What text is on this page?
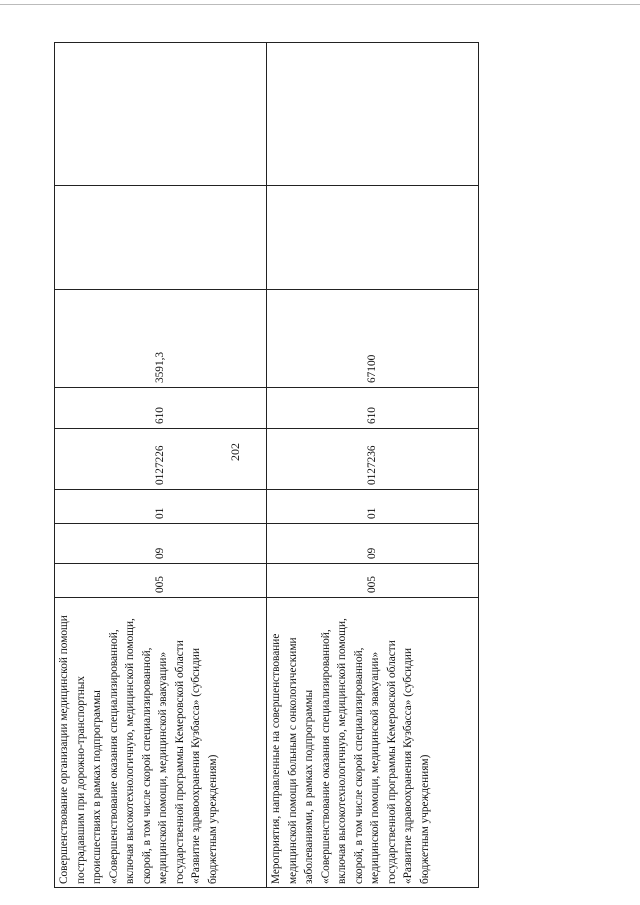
202
Совершенствование организации медицинской помощи пострадавшим при дорожно-транспортных происшествиях в рамках подпрограммы «Совершенствование оказания специализированной, включая высокотехнологичную, медицинской помощи, скорой, в том числе скорой специализированной, медицинской помощи, медицинской эвакуации» государственной программы Кемеровской области «Развитие здравоохранения Кузбасса» (субсидии бюджетным учреждениям)	005	09	01	0127226	610	3591,3		
Мероприятия, направленные на совершенствование медицинской помощи больным с онкологическими заболеваниями, в рамках подпрограммы «Совершенствование оказания специализированной, включая высокотехнологичную, медицинской помощи, скорой, в том числе скорой специализированной, медицинской помощи, медицинской эвакуации» государственной программы Кемеровской области «Развитие здравоохранения Кузбасса» (субсидии бюджетным учреждениям)	005	09	01	0127236	610	67100		
